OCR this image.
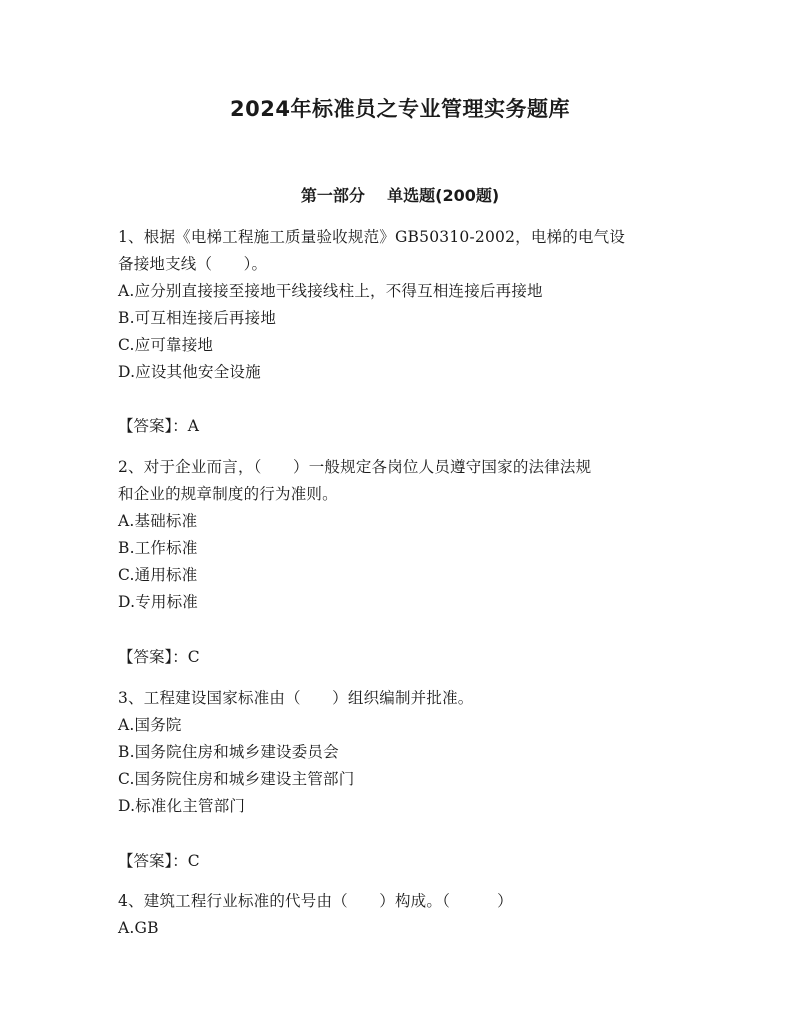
2024年标准员之专业管理实务题库
第一部分    单选题(200题)
1、根据《电梯工程施工质量验收规范》GB50310-2002，电梯的电气设
备接地支线（　　）。
A.应分别直接接至接地干线接线柱上，不得互相连接后再接地
B.可互相连接后再接地
C.应可靠接地
D.应设其他安全设施
【答案】：A
2、对于企业而言，（　　）一般规定各岗位人员遵守国家的法律法规
和企业的规章制度的行为准则。
A.基础标准
B.工作标准
C.通用标准
D.专用标准
【答案】：C
3、工程建设国家标准由（　　）组织编制并批准。
A.国务院
B.国务院住房和城乡建设委员会
C.国务院住房和城乡建设主管部门
D.标准化主管部门
【答案】：C
4、建筑工程行业标准的代号由（　　）构成。（　　　）
A.GB
